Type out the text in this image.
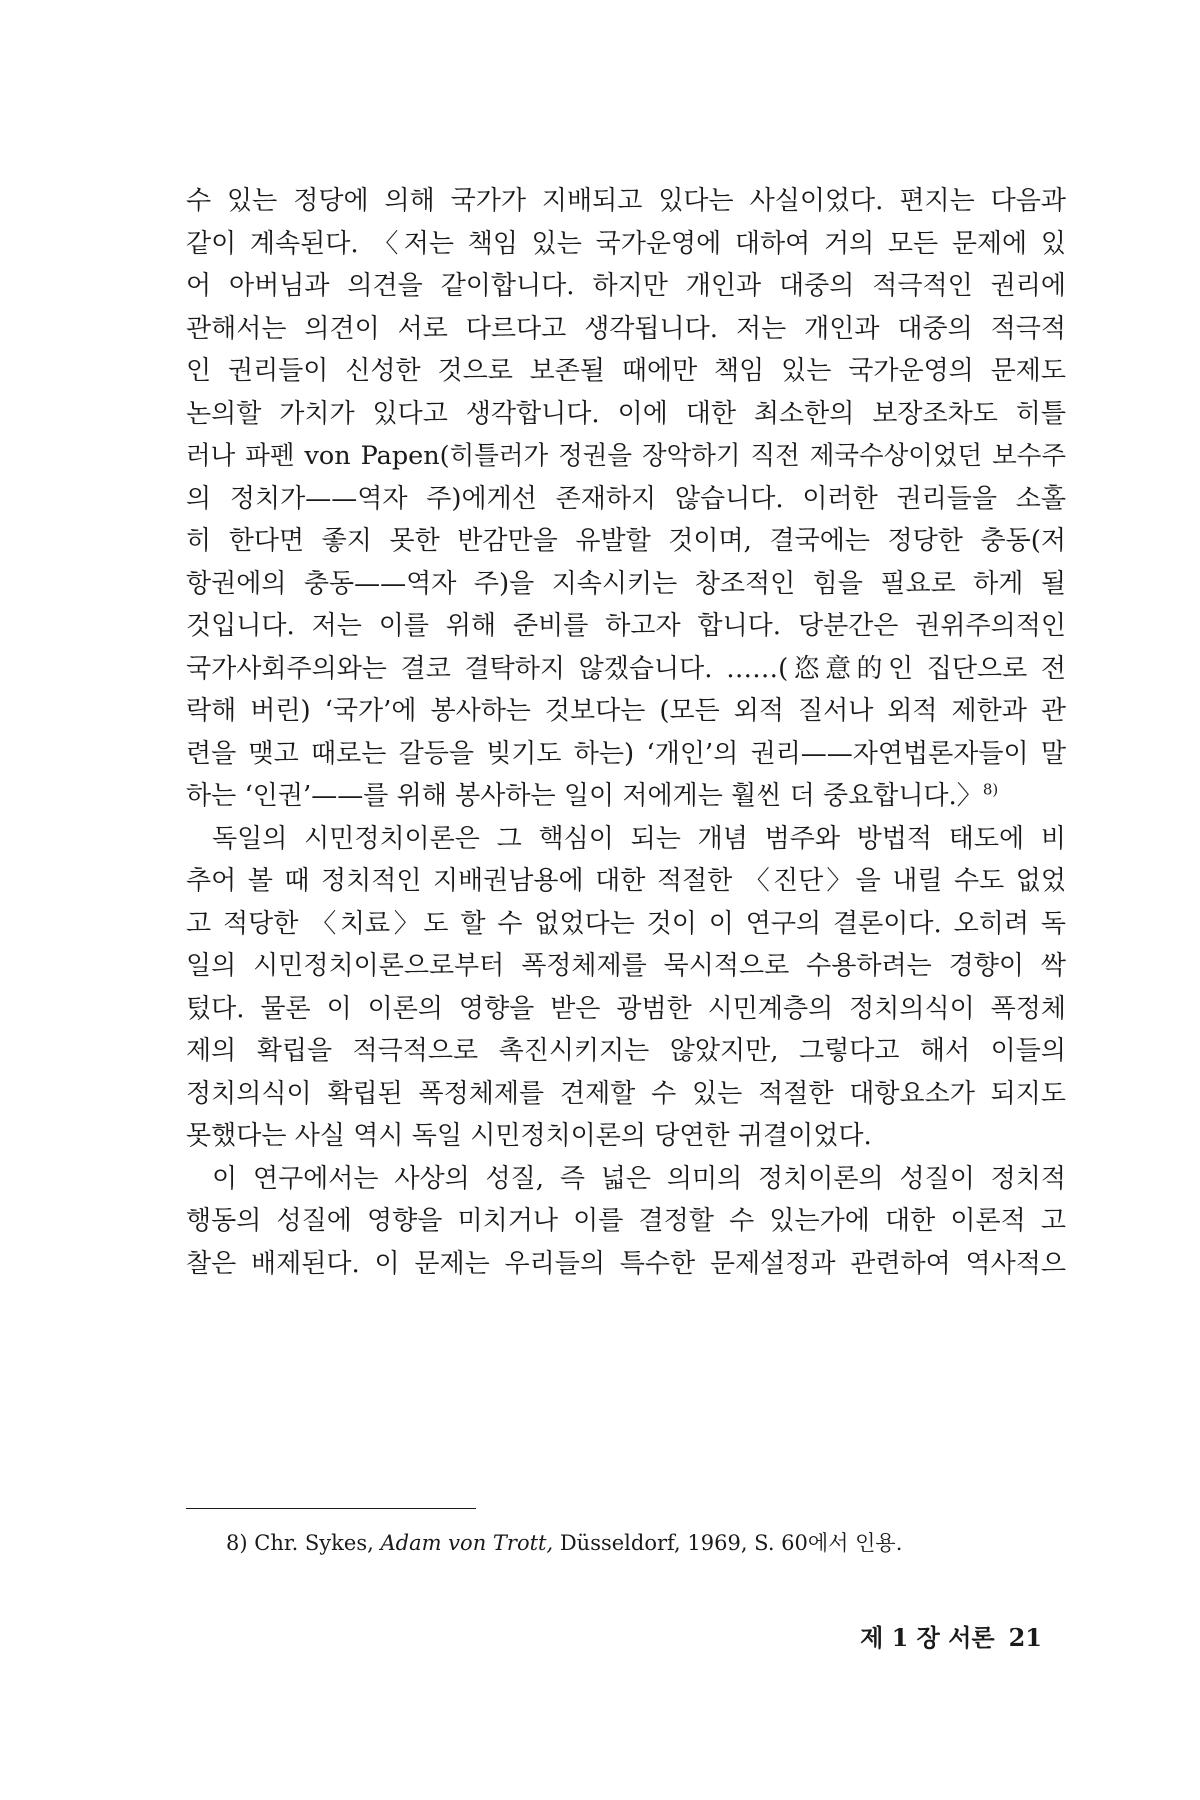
수 있는 정당에 의해 국가가 지배되고 있다는 사실이었다. 편지는 다음과
같이 계속된다. 〈저는 책임 있는 국가운영에 대하여 거의 모든 문제에 있
어 아버님과 의견을 같이합니다. 하지만 개인과 대중의 적극적인 권리에
관해서는 의견이 서로 다르다고 생각됩니다. 저는 개인과 대중의 적극적
인 권리들이 신성한 것으로 보존될 때에만 책임 있는 국가운영의 문제도
논의할 가치가 있다고 생각합니다. 이에 대한 최소한의 보장조차도 히틀
러나 파펜 von Papen(히틀러가 정권을 장악하기 직전 제국수상이었던 보수주
의 정치가——역자 주)에게선 존재하지 않습니다. 이러한 권리들을 소홀
히 한다면 좋지 못한 반감만을 유발할 것이며, 결국에는 정당한 충동(저
항권에의 충동——역자 주)을 지속시키는 창조적인 힘을 필요로 하게 될
것입니다. 저는 이를 위해 준비를 하고자 합니다. 당분간은 권위주의적인
국가사회주의와는 결코 결탁하지 않겠습니다. ……(恣意的인 집단으로 전
락해 버린) ‘국가’에 봉사하는 것보다는 (모든 외적 질서나 외적 제한과 관
련을 맺고 때로는 갈등을 빚기도 하는) ‘개인’의 권리——자연법론자들이 말
하는 ‘인권’——를 위해 봉사하는 일이 저에게는 훨씬 더 중요합니다.〉$^{8)}$
독일의 시민정치이론은 그 핵심이 되는 개념 범주와 방법적 태도에 비
추어 볼 때 정치적인 지배권남용에 대한 적절한 〈진단〉을 내릴 수도 없었
고 적당한 〈치료〉도 할 수 없었다는 것이 이 연구의 결론이다. 오히려 독
일의 시민정치이론으로부터 폭정체제를 묵시적으로 수용하려는 경향이 싹
텄다. 물론 이 이론의 영향을 받은 광범한 시민계층의 정치의식이 폭정체
제의 확립을 적극적으로 촉진시키지는 않았지만, 그렇다고 해서 이들의
정치의식이 확립된 폭정체제를 견제할 수 있는 적절한 대항요소가 되지도
못했다는 사실 역시 독일 시민정치이론의 당연한 귀결이었다.
이 연구에서는 사상의 성질, 즉 넓은 의미의 정치이론의 성질이 정치적
행동의 성질에 영향을 미치거나 이를 결정할 수 있는가에 대한 이론적 고
찰은 배제된다. 이 문제는 우리들의 특수한 문제설정과 관련하여 역사적으
8) Chr. Sykes, Adam von Trott, Düsseldorf, 1969, S. 60에서 인용.
제 1 장 서론 21
